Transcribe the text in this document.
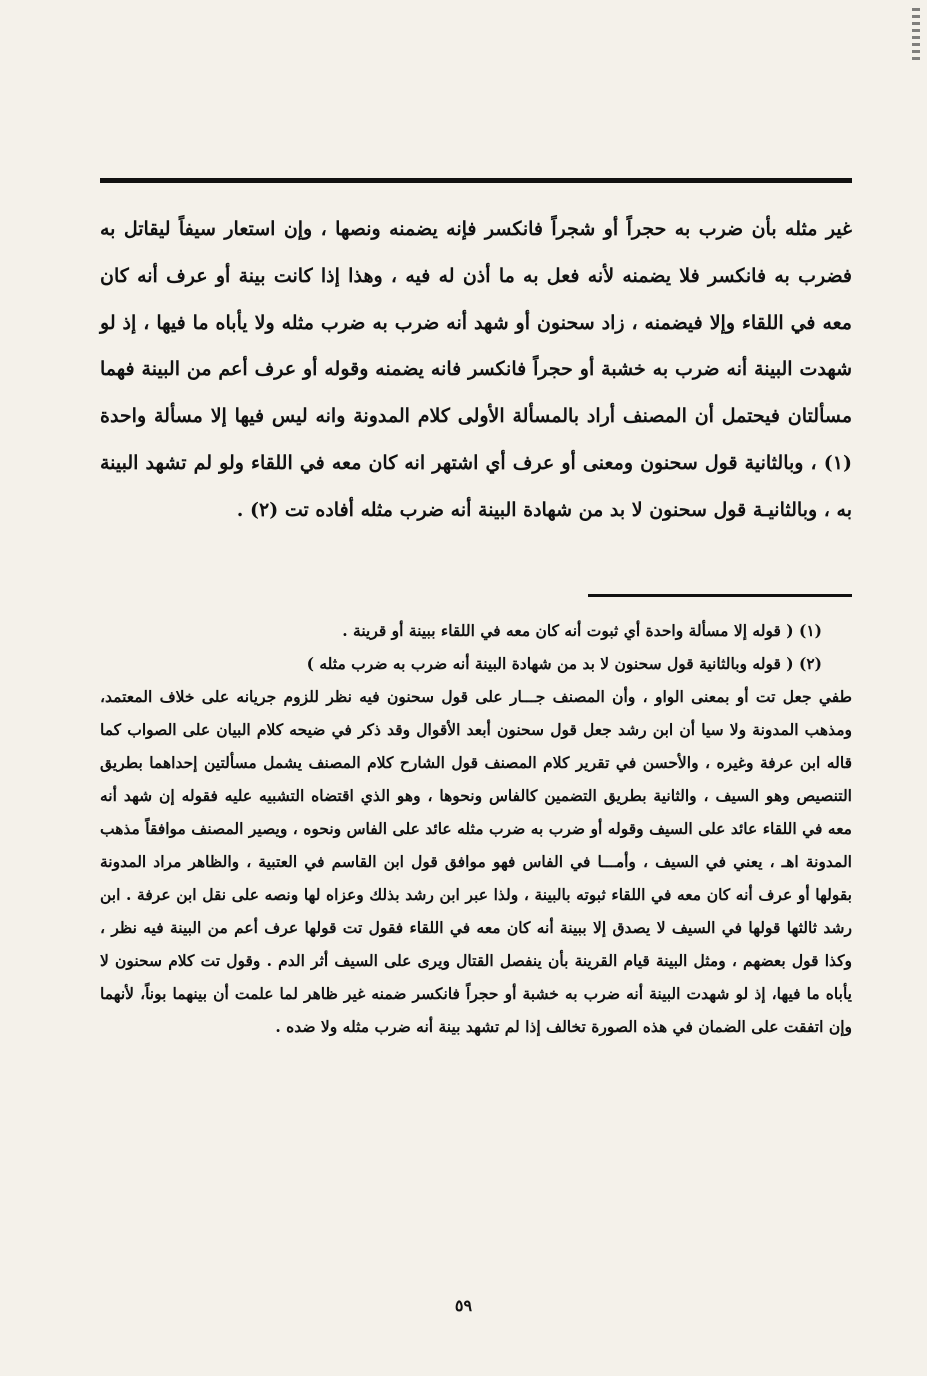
غير مثله بأن ضرب به حجراً أو شجراً فانكسر فإنه يضمنه ونصها ، وإن استعار سيفاً ليقاتل به فضرب به فانكسر فلا يضمنه لأنه فعل به ما أذن له فيه ، وهذا إذا كانت بينة أو عرف أنه كان معه في اللقاء وإلا فيضمنه ، زاد سحنون أو شهد أنه ضرب به ضرب مثله ولا يأباه ما فيها ، إذ لو شهدت البينة أنه ضرب به خشبة أو حجراً فانكسر فانه يضمنه وقوله أو عرف أعم من البينة فهما مسألتان فيحتمل أن المصنف أراد بالمسألة الأولى كلام المدونة وانه ليس فيها إلا مسألة واحدة (١) ، وبالثانية قول سحنون ومعنى أو عرف أي اشتهر انه كان معه في اللقاء ولو لم تشهد البينة به ، وبالثانيـة قول سحنون لا بد من شهادة البينة أنه ضرب مثله أفاده تت (٢) .

(١) ( قوله إلا مسألة واحدة أي ثبوت أنه كان معه في اللقاء ببينة أو قرينة .

(٢) ( قوله وبالثانية قول سحنون لا بد من شهادة البينة أنه ضرب به ضرب مثله )

طفي جعل تت أو بمعنى الواو ، وأن المصنف جـــار على قول سحنون فيه نظر للزوم جريانه على خلاف المعتمد، ومذهب المدونة ولا سيا أن ابن رشد جعل قول سحنون أبعد الأقوال وقد ذكر في ضيحه كلام البيان على الصواب كما قاله ابن عرفة وغيره ، والأحسن في تقرير كلام المصنف قول الشارح كلام المصنف يشمل مسألتين إحداهما بطريق التنصيص وهو السيف ، والثانية بطريق التضمين كالفاس ونحوها ، وهو الذي اقتضاه التشبيه عليه فقوله إن شهد أنه معه في اللقاء عائد على السيف وقوله أو ضرب به ضرب مثله عائد على الفاس ونحوه ، ويصير المصنف موافقاً مذهب المدونة اهـ ، يعني في السيف ، وأمـــا في الفاس فهو موافق قول ابن القاسم في العتبية ، والظاهر مراد المدونة بقولها أو عرف أنه كان معه في اللقاء ثبوته بالبينة ، ولذا عبر ابن رشد بذلك وعزاه لها ونصه على نقل ابن عرفة . ابن رشد ثالثها قولها في السيف لا يصدق إلا ببينة أنه كان معه في اللقاء فقول تت قولها عرف أعم من البينة فيه نظر ، وكذا قول بعضهم ، ومثل البينة قيام القرينة بأن ينفصل القتال ويرى على السيف أثر الدم . وقول تت كلام سحنون لا يأباه ما فيها، إذ لو شهدت البينة أنه ضرب به خشبة أو حجراً فانكسر ضمنه غير ظاهر لما علمت أن بينهما بوناً، لأنهما وإن اتفقت على الضمان في هذه الصورة تخالف إذا لم تشهد بينة أنه ضرب مثله ولا ضده .

٥٩
